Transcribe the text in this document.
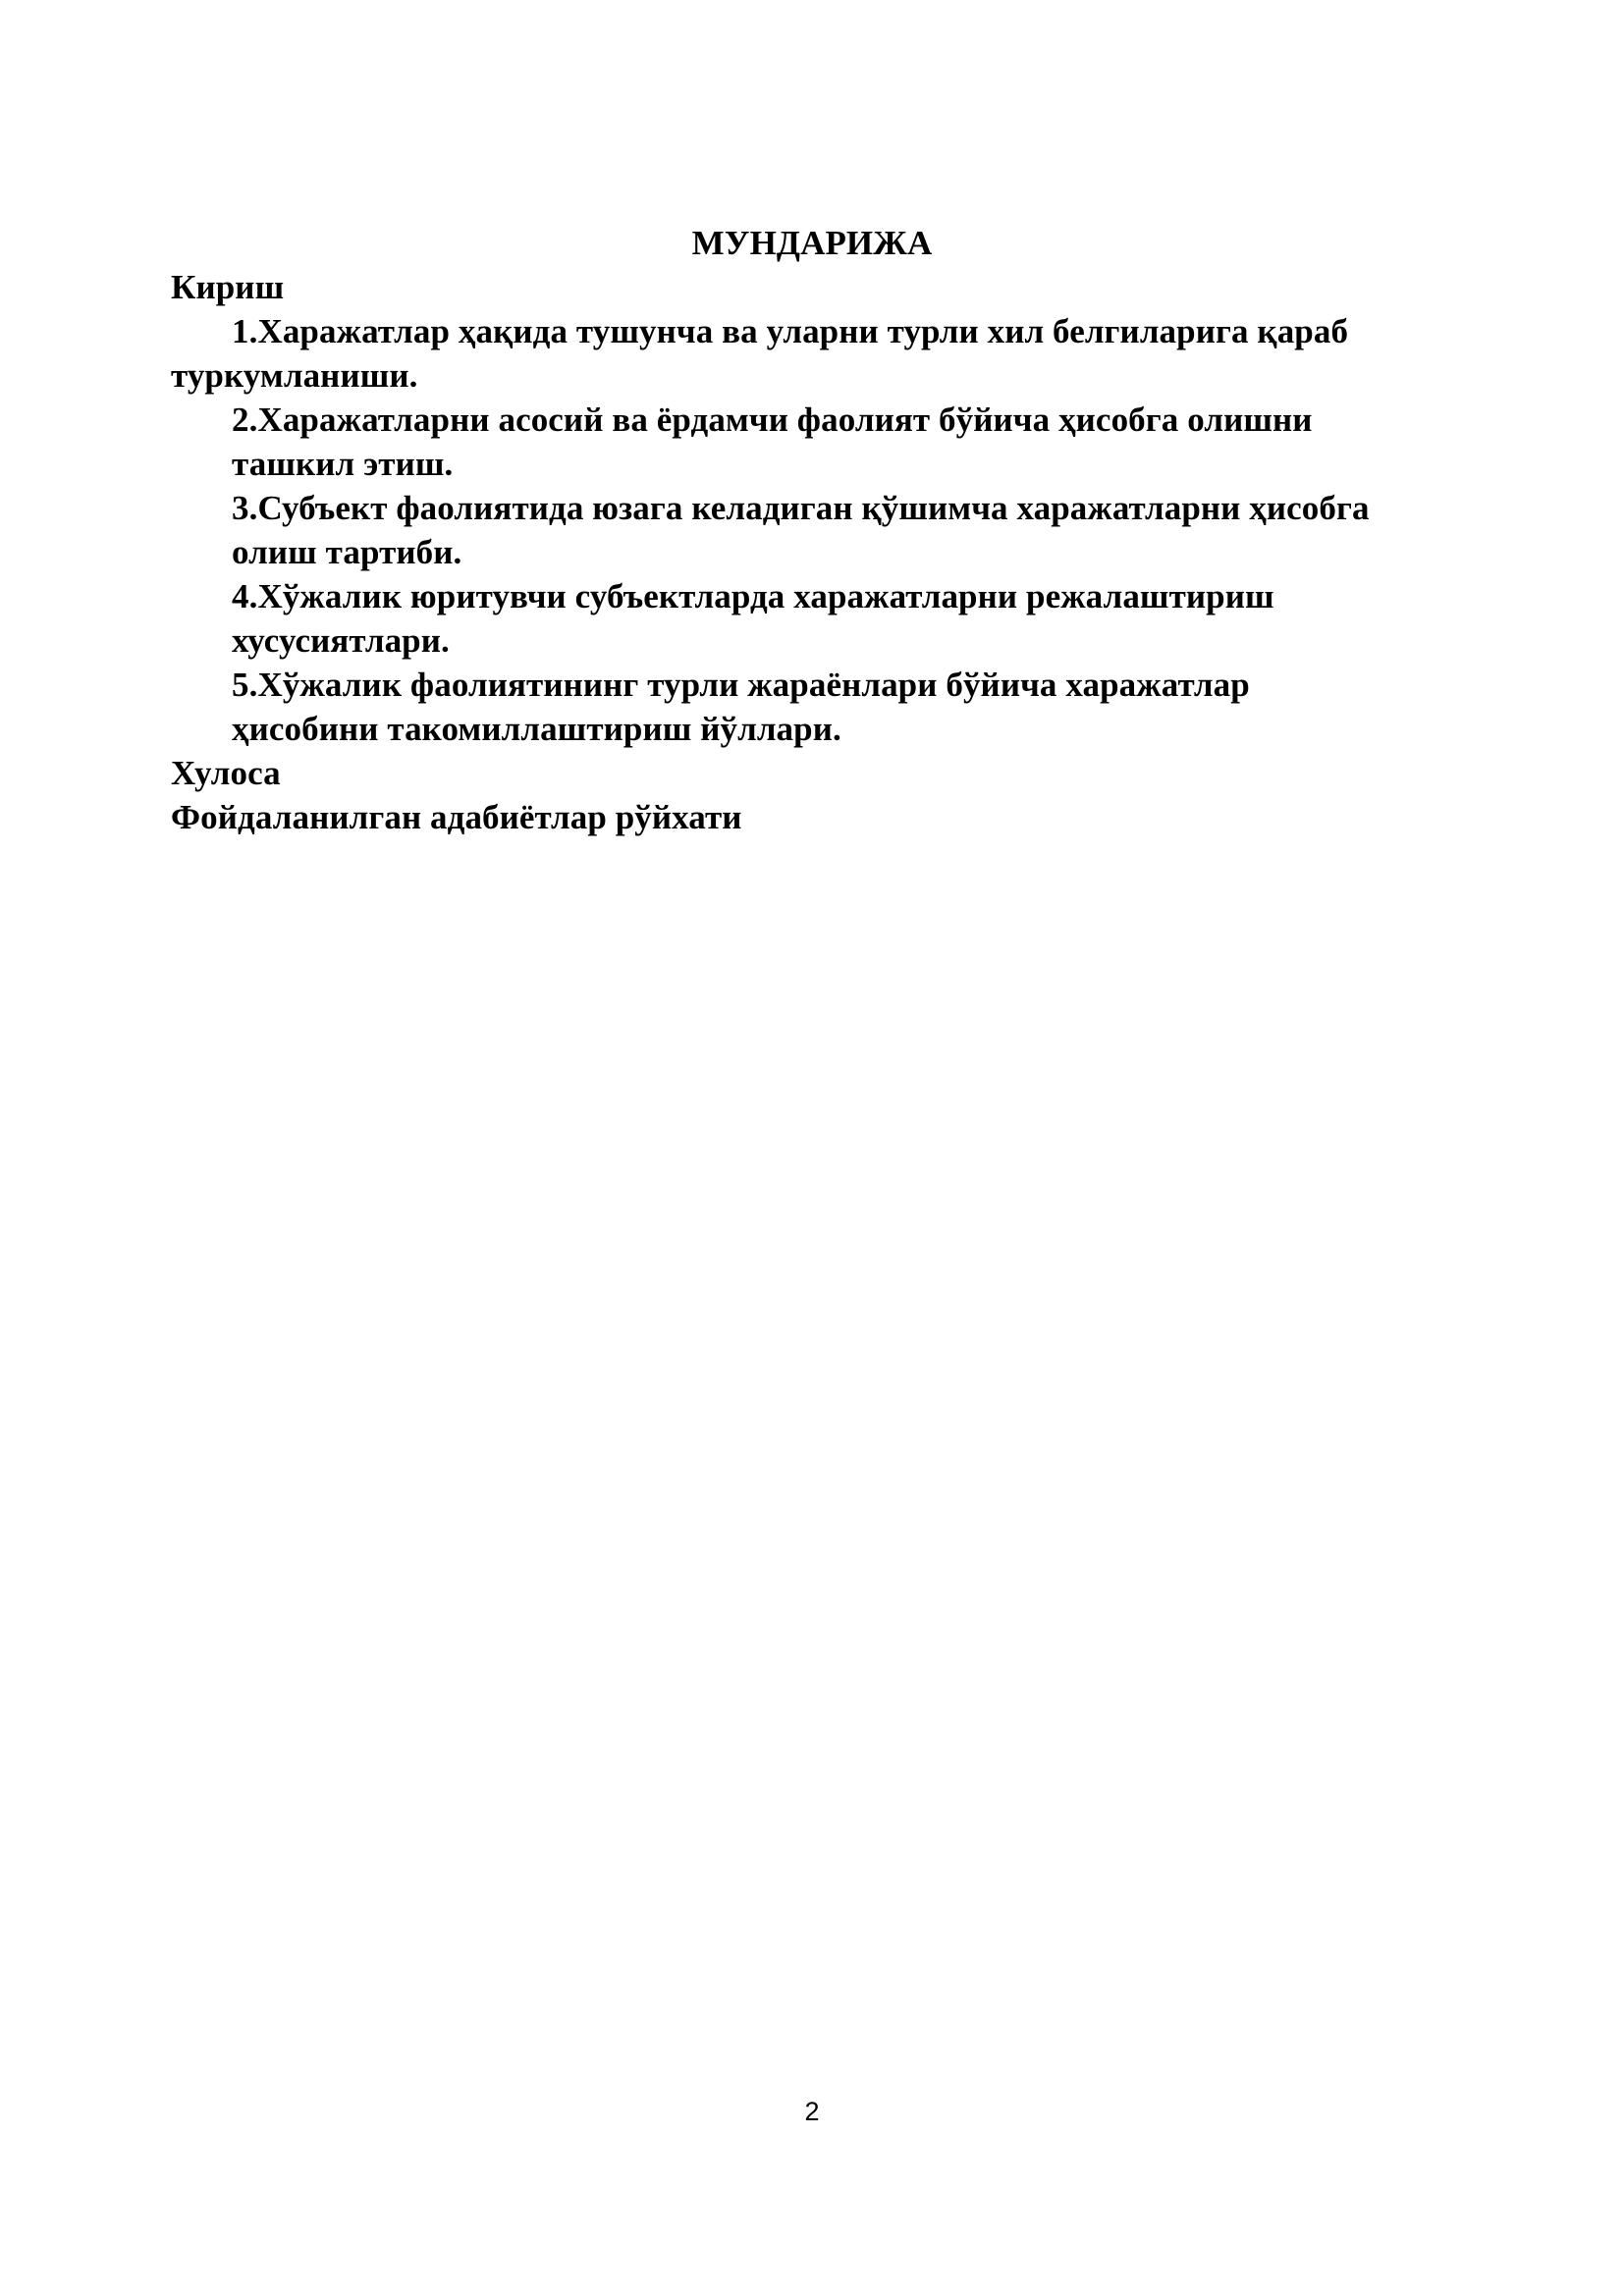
МУНДАРИЖА
Кириш
1.Харажатлар ҳақида тушунча ва уларни турли хил белгиларига қараб
туркумланиши.
2.Харажатларни асосий ва ёрдамчи фаолият бўйича ҳисобга олишни
ташкил этиш.
3.Субъект фаолиятида юзага келадиган қўшимча харажатларни ҳисобга
олиш тартиби.
4.Хўжалик юритувчи субъектларда харажатларни режалаштириш
хусусиятлари.
5.Хўжалик фаолиятининг турли жараёнлари бўйича харажатлар
ҳисобини такомиллаштириш йўллари.
Хулоса
Фойдаланилган адабиётлар рўйхати
2
